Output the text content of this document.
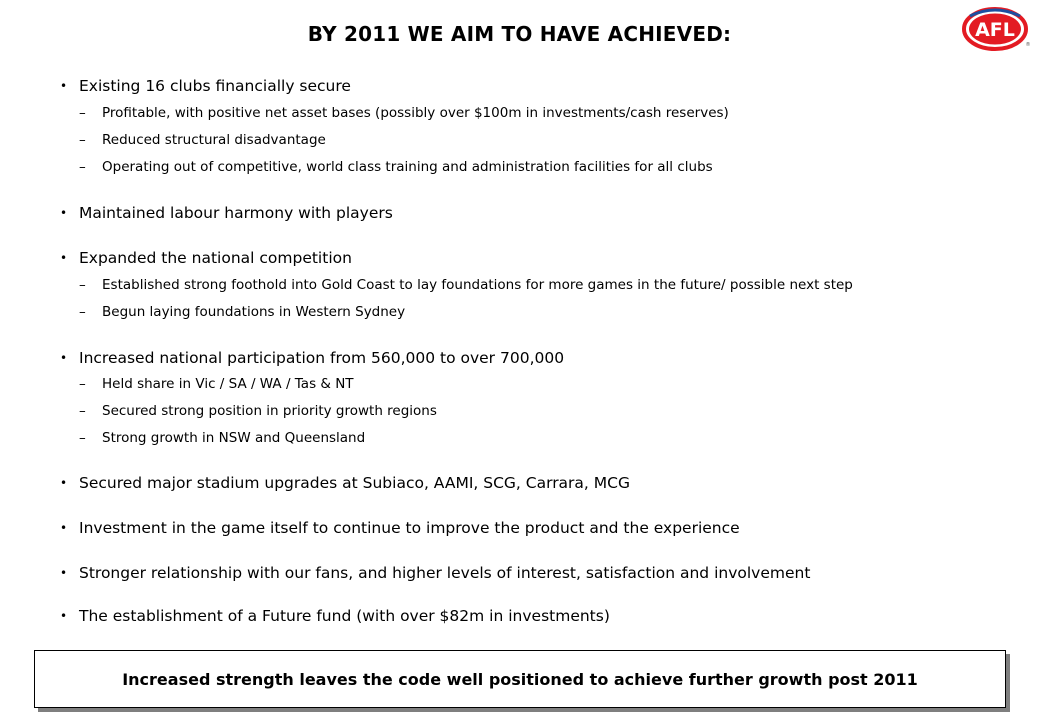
BY 2011 WE AIM TO HAVE ACHIEVED:	AFL
®
• Existing 16 clubs financially secure
– Profitable, with positive net asset bases (possibly over $100m in investments/cash reserves)
– Reduced structural disadvantage
– Operating out of competitive, world class training and administration facilities for all clubs
• Maintained labour harmony with players
• Expanded the national competition
– Established strong foothold into Gold Coast to lay foundations for more games in the future/ possible next step
– Begun laying foundations in Western Sydney
• Increased national participation from 560,000 to over 700,000
– Held share in Vic / SA / WA / Tas & NT
– Secured strong position in priority growth regions
– Strong growth in NSW and Queensland
• Secured major stadium upgrades at Subiaco, AAMI, SCG, Carrara, MCG
• Investment in the game itself to continue to improve the product and the experience
• Stronger relationship with our fans, and higher levels of interest, satisfaction and involvement
• The establishment of a Future fund (with over $82m in investments)
Increased strength leaves the code well positioned to achieve further growth post 2011
